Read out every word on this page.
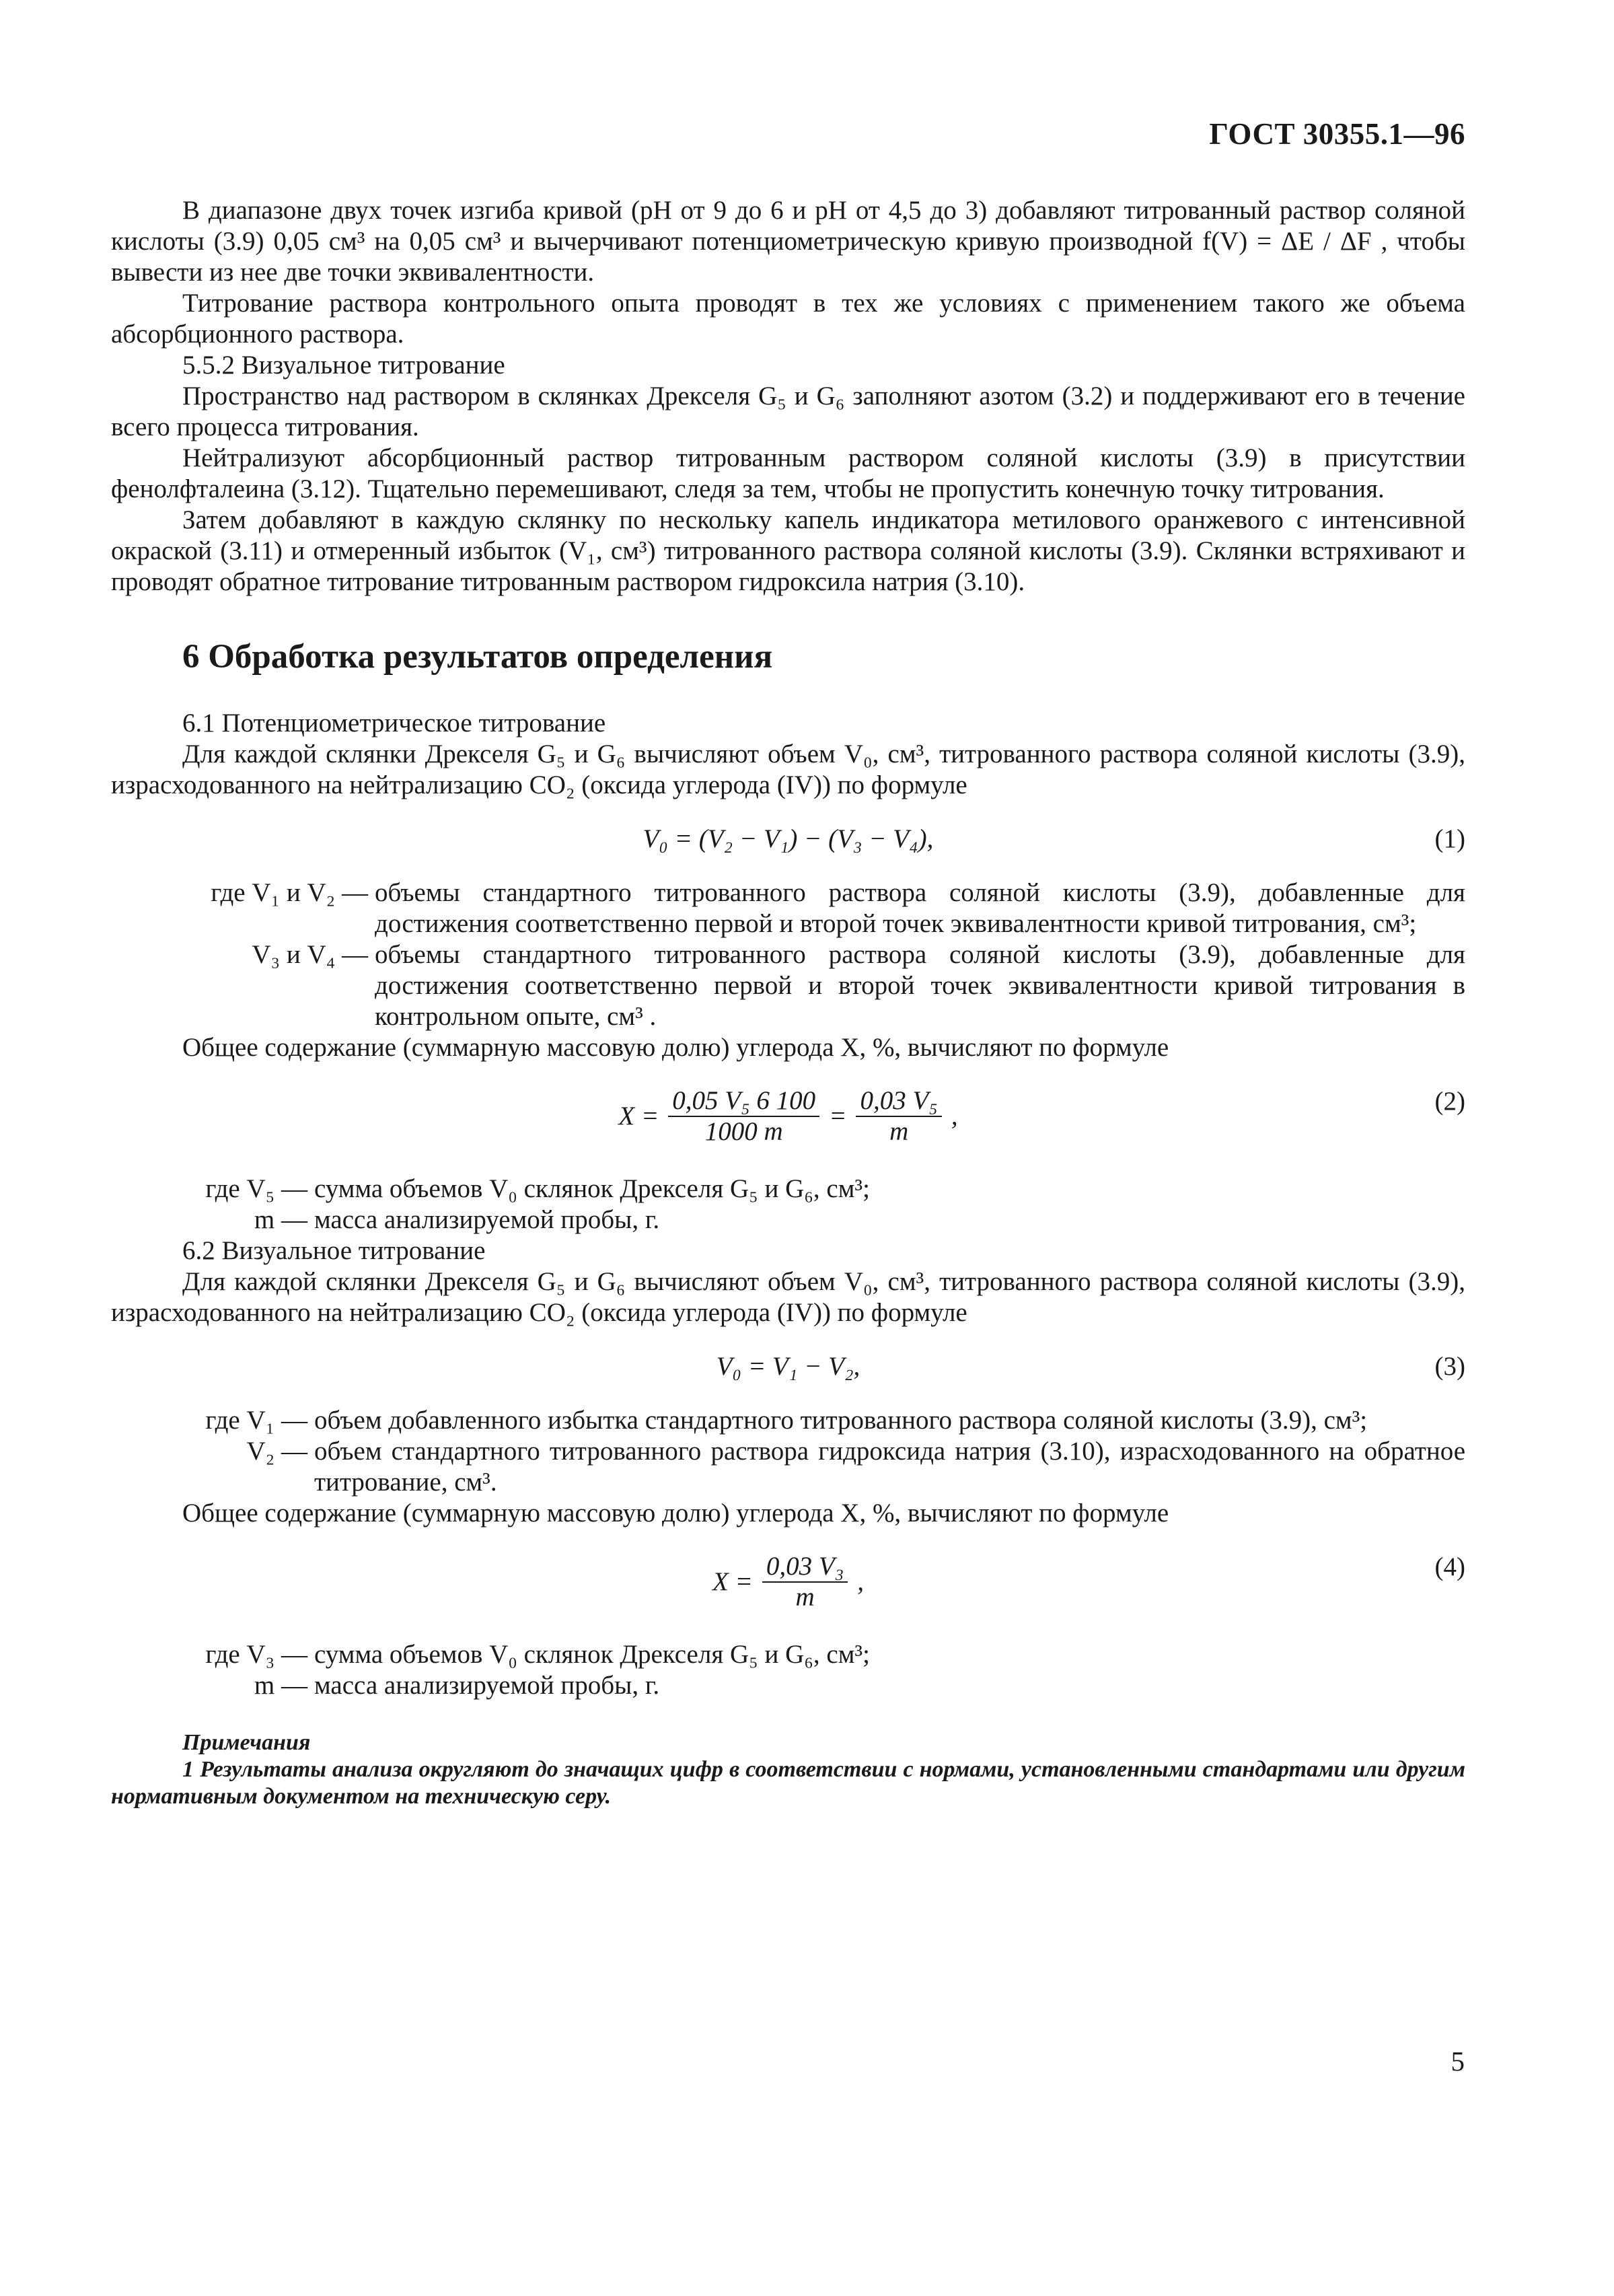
ГОСТ 30355.1—96

В диапазоне двух точек изгиба кривой (pH от 9 до 6 и pH от 4,5 до 3) добавляют титрованный раствор соляной кислоты (3.9) 0,05 см³ на 0,05 см³ и вычерчивают потенциометрическую кривую производной f(V) = ΔE / ΔF , чтобы вывести из нее две точки эквивалентности.

Титрование раствора контрольного опыта проводят в тех же условиях с применением такого же объема абсорбционного раствора.

5.5.2 Визуальное титрование

Пространство над раствором в склянках Дрекселя G₅ и G₆ заполняют азотом (3.2) и поддерживают его в течение всего процесса титрования.

Нейтрализуют абсорбционный раствор титрованным раствором соляной кислоты (3.9) в присутствии фенолфталеина (3.12). Тщательно перемешивают, следя за тем, чтобы не пропустить конечную точку титрования.

Затем добавляют в каждую склянку по нескольку капель индикатора метилового оранжевого с интенсивной окраской (3.11) и отмеренный избыток (V₁, см³) титрованного раствора соляной кислоты (3.9). Склянки встряхивают и проводят обратное титрование титрованным раствором гидроксила натрия (3.10).

6 Обработка результатов определения

6.1 Потенциометрическое титрование

Для каждой склянки Дрекселя G₅ и G₆ вычисляют объем V₀, см³, титрованного раствора соляной кислоты (3.9), израсходованного на нейтрализацию CO₂ (оксида углерода (IV)) по формуле

V₀ = (V₂ − V₁) − (V₃ − V₄),	(1)
где V₁ и V₂ — объемы стандартного титрованного раствора соляной кислоты (3.9), добавленные для достижения соответственно первой и второй точек эквивалентности кривой титрования, см³;
V₃ и V₄ — объемы стандартного титрованного раствора соляной кислоты (3.9), добавленные для достижения соответственно первой и второй точек эквивалентности кривой титрования в контрольном опыте, см³ .

Общее содержание (суммарную массовую долю) углерода X, %, вычисляют по формуле

$X = \frac{\text{0,05 V₅ 6 100}}{1000 m} = \frac{\text{0,03 V₅}}{m}$ ,
(2)
где V₅ — сумма объемов V₀ склянок Дрекселя G₅ и G₆, см³;
m — масса анализируемой пробы, г.

6.2 Визуальное титрование

Для каждой склянки Дрекселя G₅ и G₆ вычисляют объем V₀, см³, титрованного раствора соляной кислоты (3.9), израсходованного на нейтрализацию CO₂ (оксида углерода (IV)) по формуле

V₀ = V₁ − V₂,	(3)
где V₁ — объем добавленного избытка стандартного титрованного раствора соляной кислоты (3.9), см³;
V₂ — объем стандартного титрованного раствора гидроксида натрия (3.10), израсходованного на обратное титрование, см³.

Общее содержание (суммарную массовую долю) углерода X, %, вычисляют по формуле

$X = \frac{\text{0,03 V₃}}{m}$ ,
(4)
где V₃ — сумма объемов V₀ склянок Дрекселя G₅ и G₆, см³;
m — масса анализируемой пробы, г.
Примечания
1 Результаты анализа округляют до значащих цифр в соответствии с нормами, установленными стандартами или другим нормативным документом на техническую серу.
5
